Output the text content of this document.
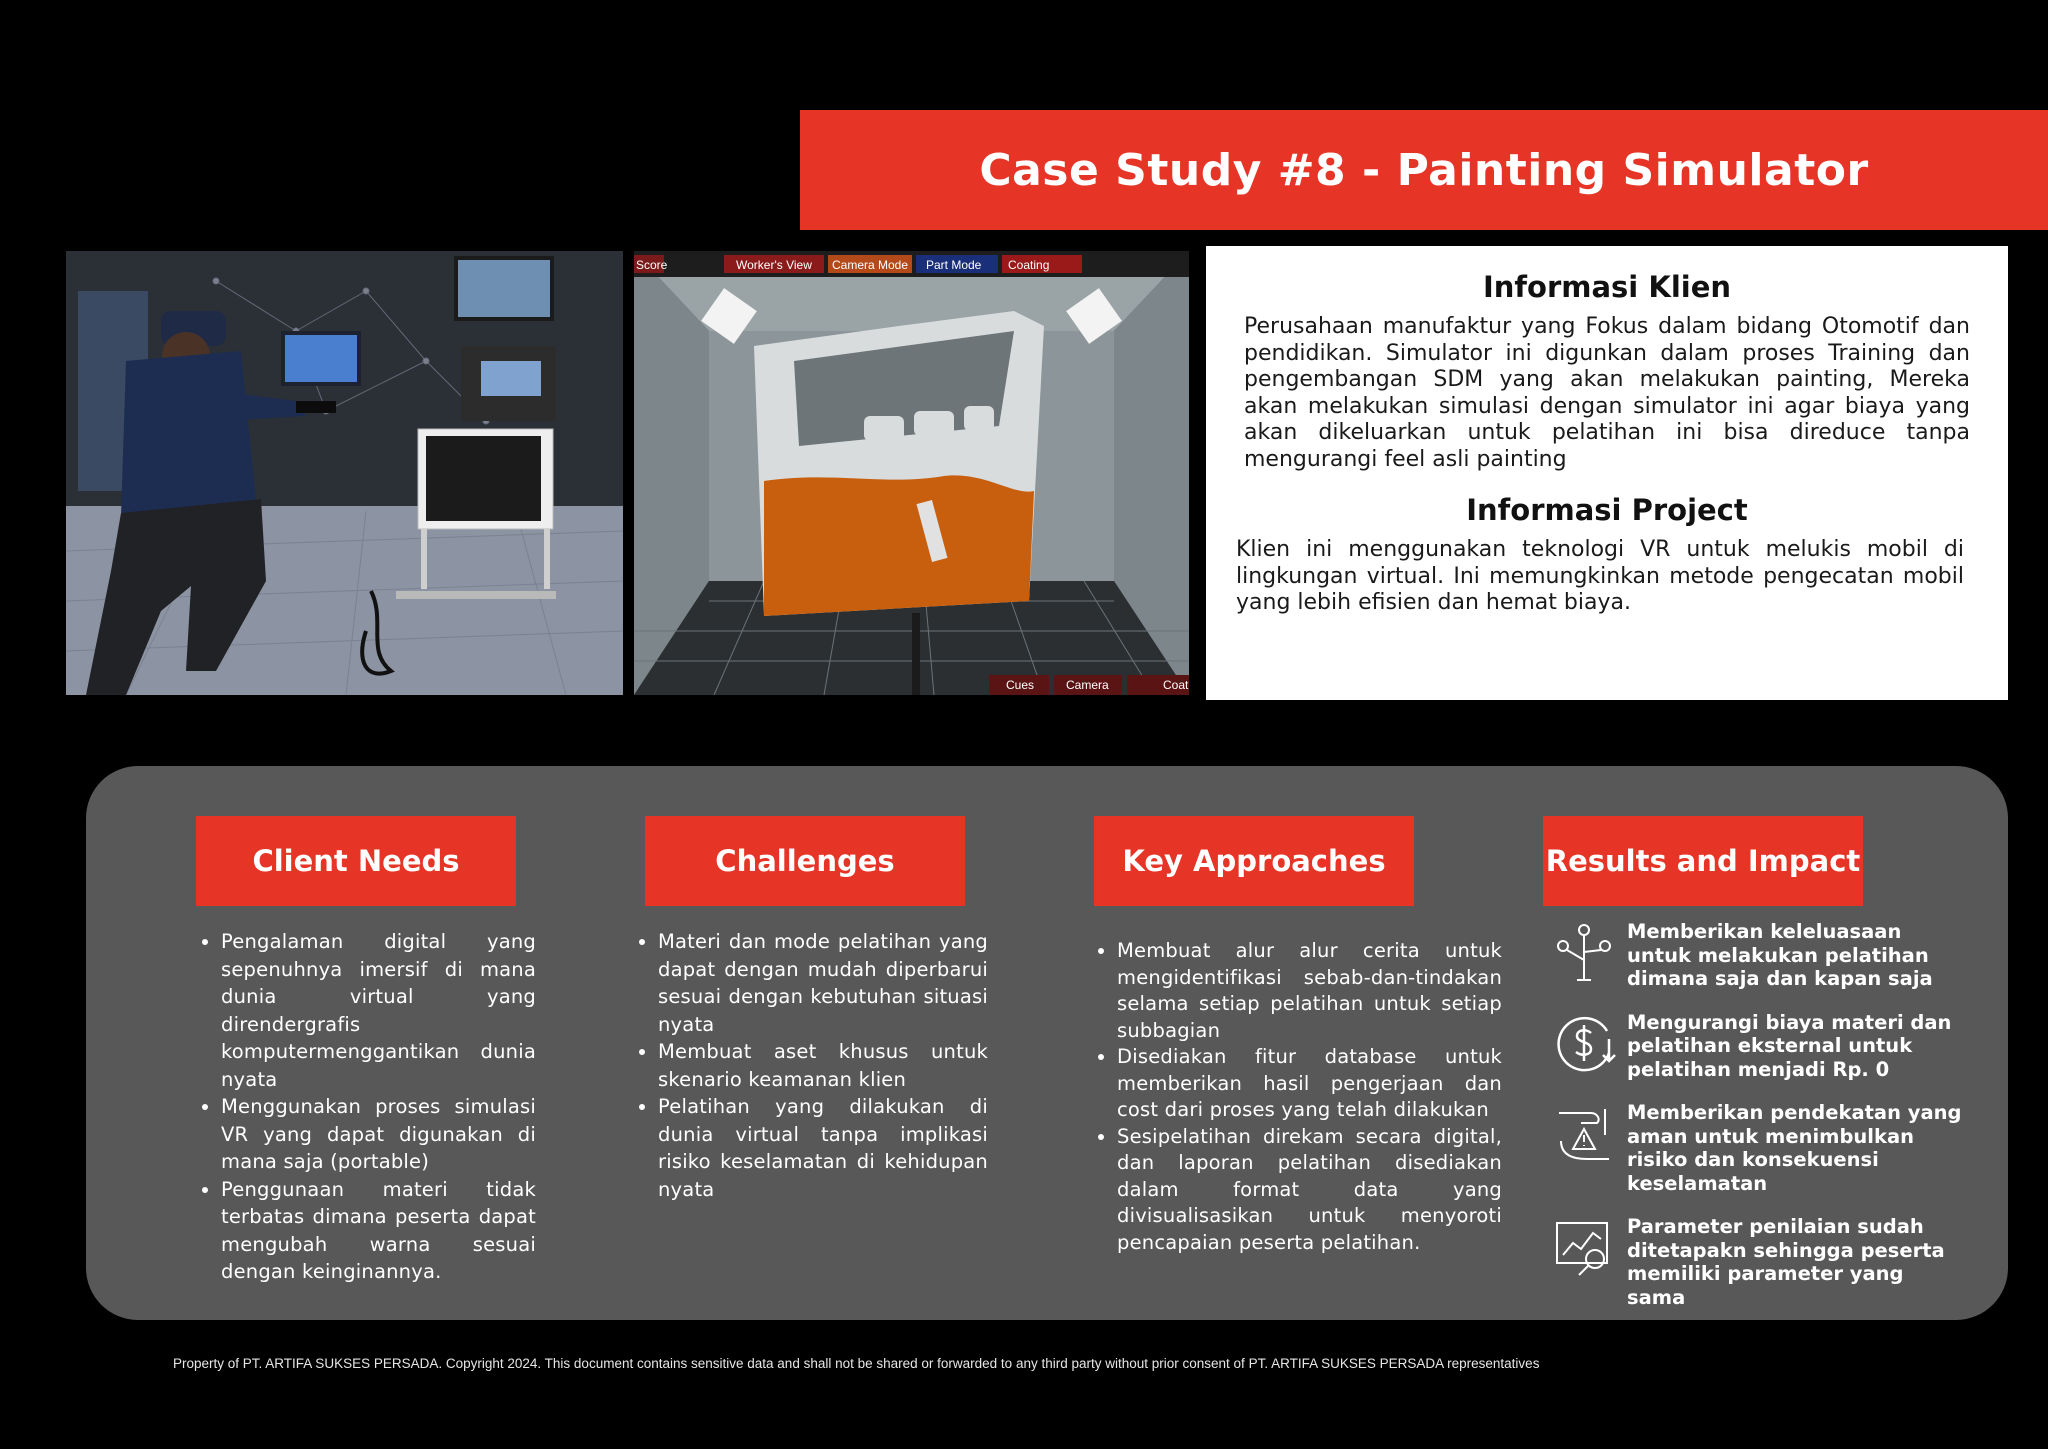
Case Study #8 - Painting Simulator
Score	Worker's View Camera Mode Part Mode Coating
Cues	Camera	Coat
Informasi Klien

Perusahaan manufaktur yang Fokus dalam bidang Otomotif dan pendidikan. Simulator ini digunkan dalam proses Training dan pengembangan SDM yang akan melakukan painting, Mereka akan melakukan simulasi dengan simulator ini agar biaya yang akan dikeluarkan untuk pelatihan ini bisa direduce tanpa mengurangi feel asli painting

Informasi Project

Klien ini menggunakan teknologi VR untuk melukis mobil di lingkungan virtual. Ini memungkinkan metode pengecatan mobil yang lebih efisien dan hemat biaya.

Client Needs
• Pengalaman digital yang sepenuhnya imersif di mana dunia virtual yang direndergrafis komputermenggantikan dunia nyata
• Menggunakan proses simulasi VR yang dapat digunakan di mana saja (portable)
• Penggunaan materi tidak terbatas dimana peserta dapat mengubah warna sesuai dengan keinginannya.
Challenges
• Materi dan mode pelatihan yang dapat dengan mudah diperbarui sesuai dengan kebutuhan situasi nyata
• Membuat aset khusus untuk skenario keamanan klien
• Pelatihan yang dilakukan di dunia virtual tanpa implikasi risiko keselamatan di kehidupan nyata
Key Approaches
• Membuat alur alur cerita untuk mengidentifikasi sebab-dan-tindakan selama setiap pelatihan untuk setiap subbagian
• Disediakan fitur database untuk memberikan hasil pengerjaan dan cost dari proses yang telah dilakukan
• Sesipelatihan direkam secara digital, dan laporan pelatihan disediakan dalam format data yang divisualisasikan untuk menyoroti pencapaian peserta pelatihan.
Results and Impact
Memberikan keleluasaan untuk melakukan pelatihan dimana saja dan kapan saja
Mengurangi biaya materi dan pelatihan eksternal untuk pelatihan menjadi Rp. 0
Memberikan pendekatan yang aman untuk menimbulkan risiko dan konsekuensi keselamatan
Parameter penilaian sudah ditetapakn sehingga peserta memiliki parameter yang sama
Property of PT. ARTIFA SUKSES PERSADA. Copyright 2024. This document contains sensitive data and shall not be shared or forwarded to any third party without prior consent of PT. ARTIFA SUKSES PERSADA representatives
